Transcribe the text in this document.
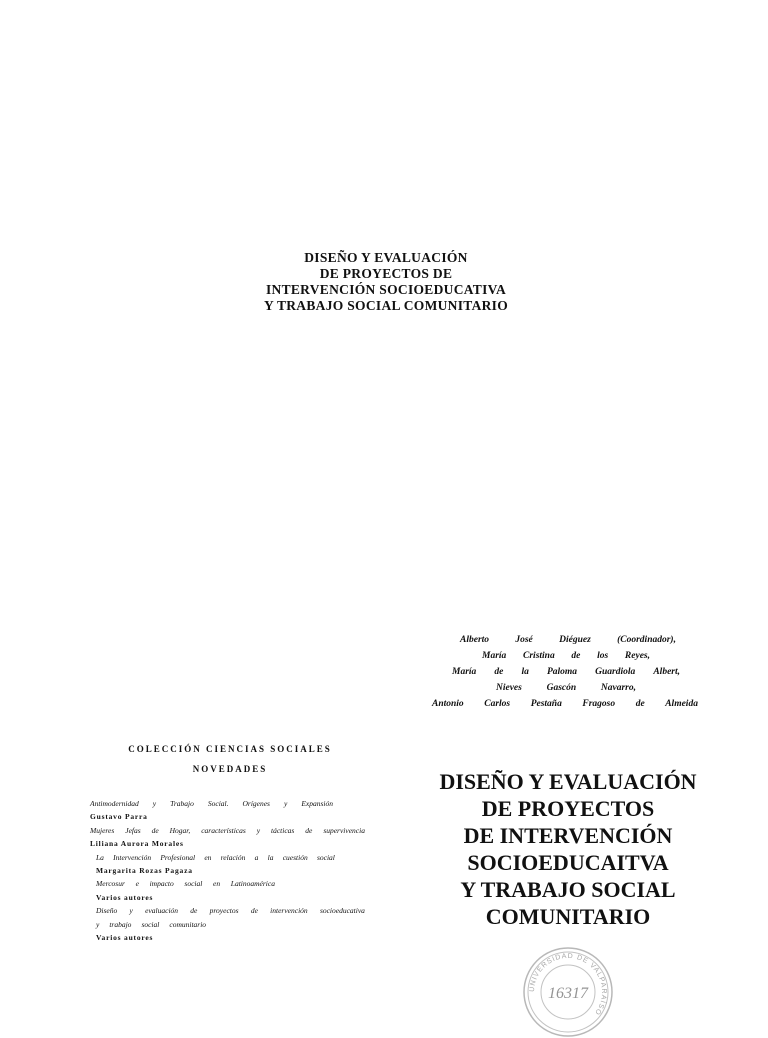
DISEÑO Y EVALUACIÓN
DE PROYECTOS DE
INTERVENCIÓN SOCIOEDUCATIVA
Y TRABAJO SOCIAL COMUNITARIO
Alberto	José	Diéguez	(Coordinador),
María Cristina de los Reyes,
María de la Paloma Guardiola Albert,
Nieves	Gascón	Navarro,
Antonio Carlos Pestaña Fragoso de Almeida
COLECCIÓN CIENCIAS SOCIALES
NOVEDADES
Antimodernidad y Trabajo Social. Orígenes y Expansión
Gustavo Parra
Mujeres Jefas de Hogar, características y tácticas de supervivencia
Liliana Aurora Morales
La Intervención Profesional en relación a la cuestión social
Margarita Rozas Pagaza
Mercosur e impacto social en Latinoamérica
Varios autores
Diseño y evaluación de proyectos de intervención socioeducativa
y trabajo social comunitario
Varios autores
DISEÑO Y EVALUACIÓN
DE PROYECTOS
DE INTERVENCIÓN
SOCIOEDUCAITVA
Y TRABAJO SOCIAL
COMUNITARIO
UNIVERSIDAD DE VALPARAÍSO
16317
